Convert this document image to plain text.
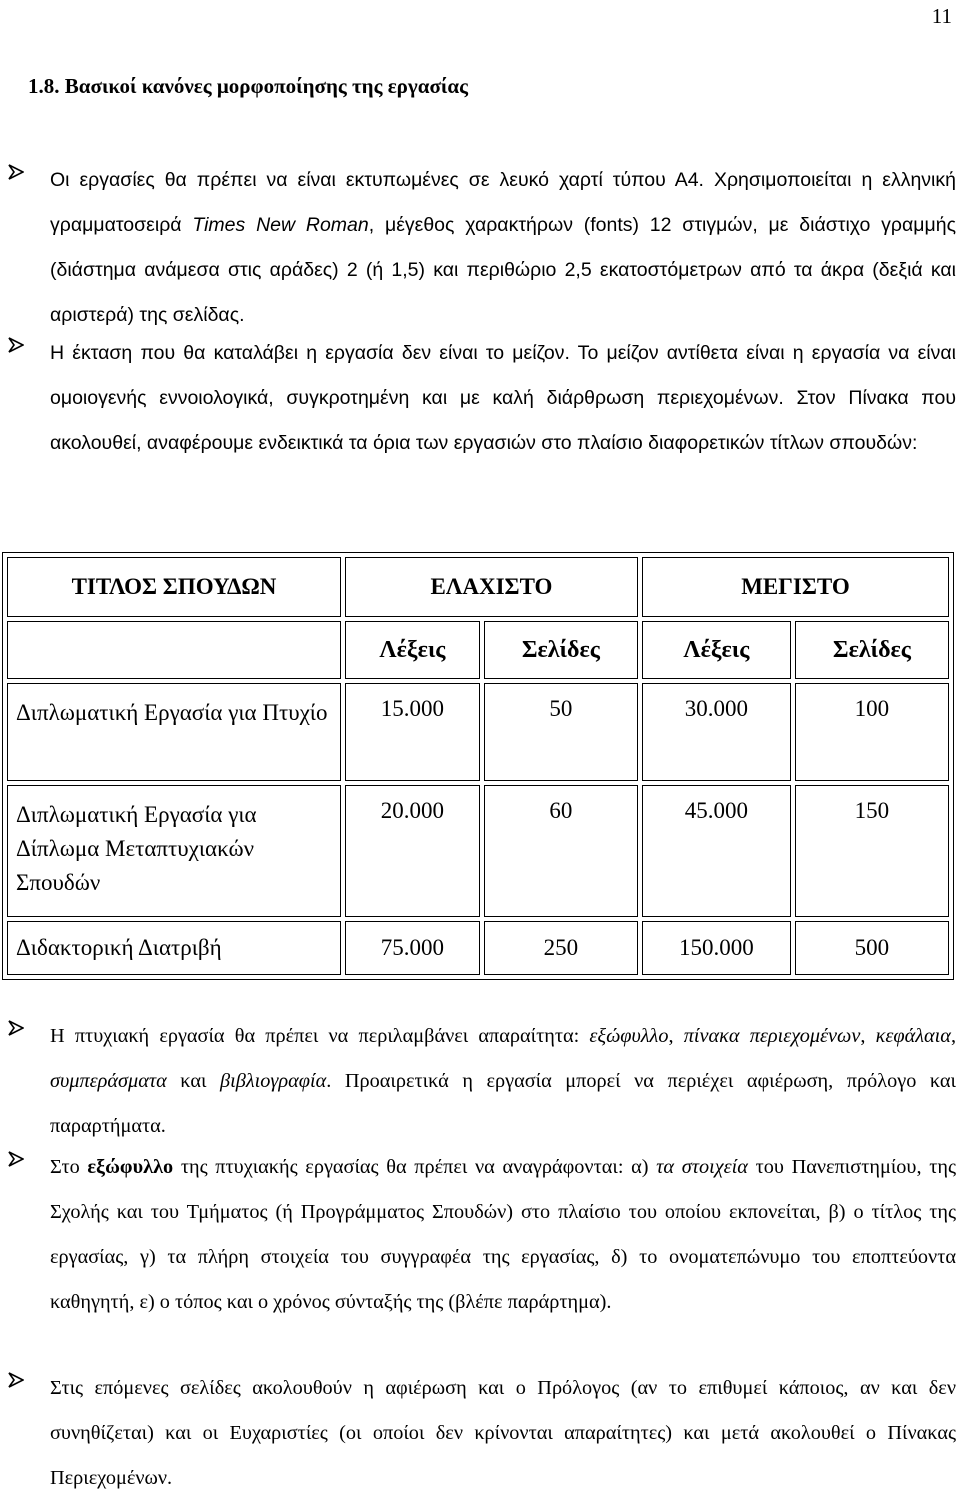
11
1.8. Βασικοί κανόνες μορφοποίησης της εργασίας

Οι εργασίες θα πρέπει να είναι εκτυπωμένες σε λευκό χαρτί τύπου Α4. Χρησιμοποιείται η ελληνική γραμματοσειρά Times New Roman, μέγεθος χαρακτήρων (fonts) 12 στιγμών, με διάστιχο γραμμής (διάστημα ανάμεσα στις αράδες) 2 (ή 1,5) και περιθώριο 2,5 εκατοστόμετρων από τα άκρα (δεξιά και αριστερά) της σελίδας.

Η έκταση που θα καταλάβει η εργασία δεν είναι το μείζον. Το μείζον αντίθετα είναι η εργασία να είναι ομοιογενής εννοιολογικά, συγκροτημένη και με καλή διάρθρωση περιεχομένων. Στον Πίνακα που ακολουθεί, αναφέρουμε ενδεικτικά τα όρια των εργασιών στο πλαίσιο διαφορετικών τίτλων σπουδών:

ΤΙΤΛΟΣ ΣΠΟΥΔΩΝ	ΕΛΑΧΙΣΤΟ		ΜΕΓΙΣΤΟ	
	Λέξεις	Σελίδες	Λέξεις	Σελίδες
Διπλωματική Εργασία για Πτυχίο	15.000	50	30.000	100
Διπλωματική Εργασία για Δίπλωμα Μεταπτυχιακών Σπουδών	20.000	60	45.000	150
Διδακτορική Διατριβή	75.000	250	150.000	500

Η πτυχιακή εργασία θα πρέπει να περιλαμβάνει απαραίτητα: εξώφυλλο, πίνακα περιεχομένων, κεφάλαια, συμπεράσματα και βιβλιογραφία. Προαιρετικά η εργασία μπορεί να περιέχει αφιέρωση, πρόλογο και παραρτήματα.

Στο εξώφυλλο της πτυχιακής εργασίας θα πρέπει να αναγράφονται: α) τα στοιχεία του Πανεπιστημίου, της Σχολής και του Τμήματος (ή Προγράμματος Σπουδών) στο πλαίσιο του οποίου εκπονείται, β) ο τίτλος της εργασίας, γ) τα πλήρη στοιχεία του συγγραφέα της εργασίας, δ) το ονοματεπώνυμο του εποπτεύοντα καθηγητή, ε) ο τόπος και ο χρόνος σύνταξής της (βλέπε παράρτημα).

Στις επόμενες σελίδες ακολουθούν η αφιέρωση και ο Πρόλογος (αν το επιθυμεί κάποιος, αν και δεν συνηθίζεται) και οι Ευχαριστίες (οι οποίοι δεν κρίνονται απαραίτητες) και μετά ακολουθεί ο Πίνακας Περιεχομένων.
